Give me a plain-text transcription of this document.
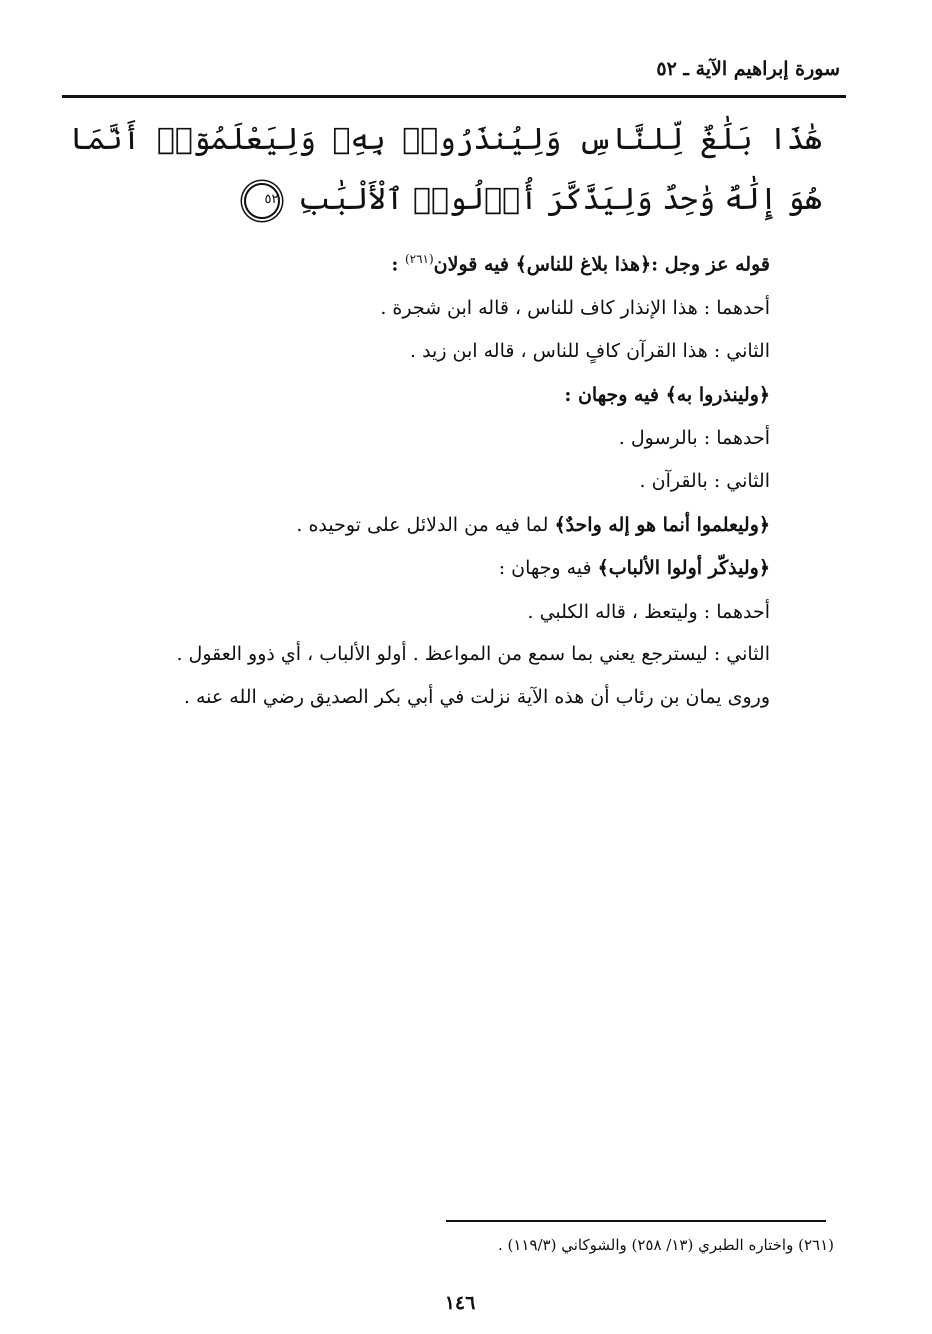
سورة إبراهيم الآية ـ ٥٢
هَٰذَا بَلَٰغٌ لِّلنَّاسِ وَلِيُنذَرُوا۟ بِهِۦ وَلِيَعْلَمُوٓا۟ أَنَّمَا هُوَ إِلَٰهٌ وَٰحِدٌ وَلِيَذَّكَّرَ أُو۟لُوا۟ ٱلْأَلْبَٰبِ ٥٢
قوله عز وجل :﴿هذا بلاغ للناس﴾ فيه قولان$^{(٢٦١)}$ :
أحدهما : هذا الإنذار كاف للناس ، قاله ابن شجرة .
الثاني : هذا القرآن كافٍ للناس ، قاله ابن زيد .
﴿ولينذروا به﴾ فيه وجهان :
أحدهما : بالرسول .
الثاني : بالقرآن .
﴿وليعلموا أنما هو إله واحدٌ﴾ لما فيه من الدلائل على توحيده .
﴿وليذكّر أولوا الألباب﴾ فيه وجهان :
أحدهما : وليتعظ ، قاله الكلبي .
الثاني : ليسترجع يعني بما سمع من المواعظ . أولو الألباب ، أي ذوو العقول .
وروى يمان بن رئاب أن هذه الآية نزلت في أبي بكر الصديق رضي الله عنه .
(٢٦١) واختاره الطبري (١٣/ ٢٥٨) والشوكاني (١١٩/٣) .
١٤٦
